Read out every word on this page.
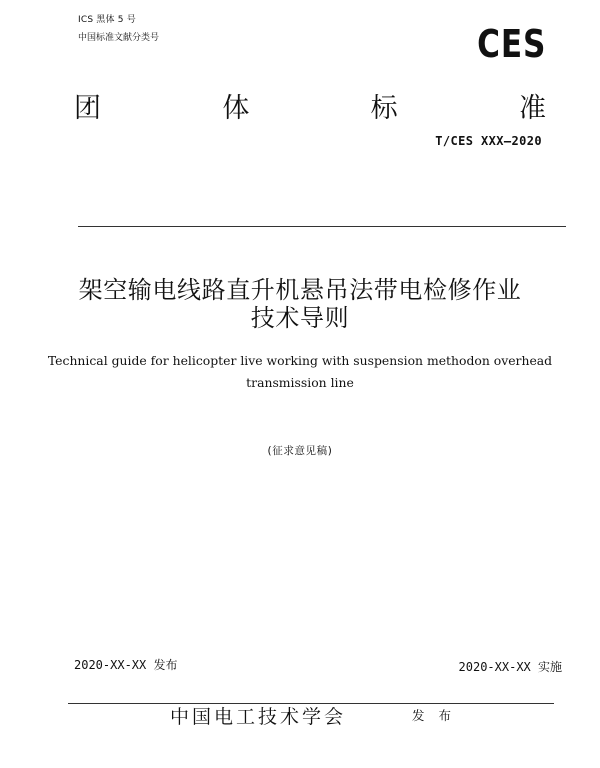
ICS 黑体 5 号
中国标准文献分类号	CES
团	体	标	准
T/CES XXX—2020
架空输电线路直升机悬吊法带电检修作业
技术导则
Technical guide for helicopter live working with suspension methodon overhead
transmission line
(征求意见稿)
2020-XX-XX 发布	2020-XX-XX 实施
中国电工技术学会	发 布
